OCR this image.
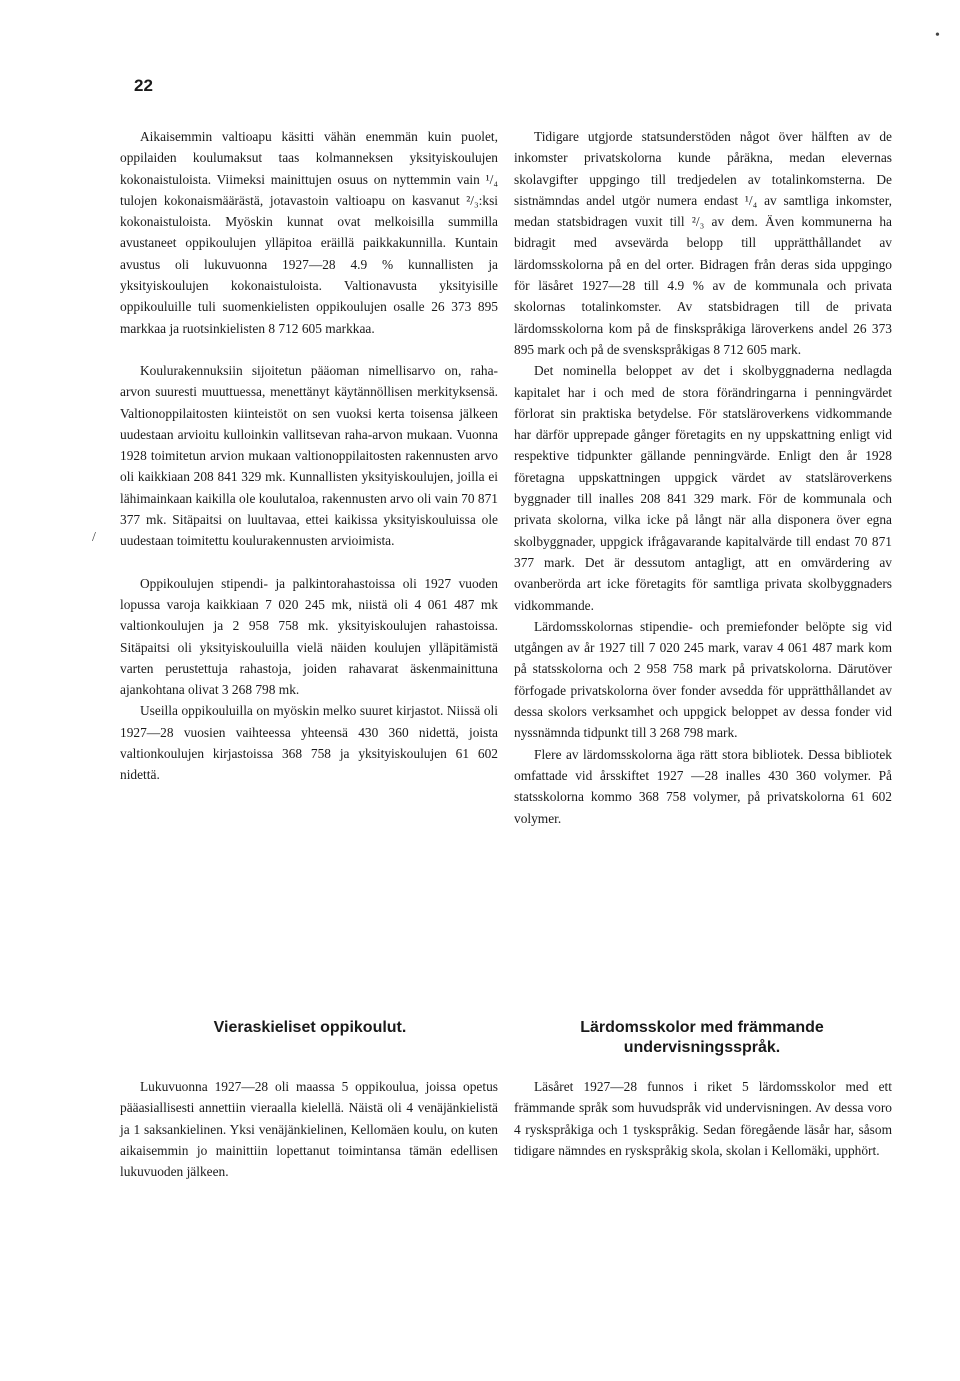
22
•
/

Aikaisemmin valtioapu käsitti vähän enemmän kuin puolet, oppilaiden koulumaksut taas kolmanneksen yksityiskoulujen kokonaistuloista. Viimeksi mainittujen osuus on nyttemmin vain ¹/₄ tulojen kokonaismäärästä, jotavastoin valtioapu on kasvanut ²/₃:ksi kokonaistuloista. Myöskin kunnat ovat melkoisilla summilla avustaneet oppikoulujen ylläpitoa eräillä paikkakunnilla. Kuntain avustus oli lukuvuonna 1927—28 4.9 % kunnallisten ja yksityiskoulujen kokonaistuloista. Valtionavusta yksityisille oppikouluille tuli suomenkielisten oppikoulujen osalle 26 373 895 markkaa ja ruotsinkielisten 8 712 605 markkaa.

Koulurakennuksiin sijoitetun pääoman nimellisarvo on, raha-arvon suuresti muuttuessa, menettänyt käytännöllisen merkityksensä. Valtionoppilaitosten kiinteistöt on sen vuoksi kerta toisensa jälkeen uudestaan arvioitu kulloinkin vallitsevan raha-arvon mukaan. Vuonna 1928 toimitetun arvion mukaan valtionoppilaitosten rakennusten arvo oli kaikkiaan 208 841 329 mk. Kunnallisten yksityiskoulujen, joilla ei lähimainkaan kaikilla ole koulutaloa, rakennusten arvo oli vain 70 871 377 mk. Sitäpaitsi on luultavaa, ettei kaikissa yksityiskouluissa ole uudestaan toimitettu koulurakennusten arvioimista.

Oppikoulujen stipendi- ja palkintorahastoissa oli 1927 vuoden lopussa varoja kaikkiaan 7 020 245 mk, niistä oli 4 061 487 mk valtionkoulujen ja 2 958 758 mk. yksityiskoulujen rahastoissa. Sitäpaitsi oli yksityiskouluilla vielä näiden koulujen ylläpitämistä varten perustettuja rahastoja, joiden rahavarat äskenmainittuna ajankohtana olivat 3 268 798 mk.

Useilla oppikouluilla on myöskin melko suuret kirjastot. Niissä oli 1927—28 vuosien vaihteessa yhteensä 430 360 nidettä, joista valtionkoulujen kirjastoissa 368 758 ja yksityiskoulujen 61 602 nidettä.

Tidigare utgjorde statsunderstöden något över hälften av de inkomster privatskolorna kunde påräkna, medan elevernas skolavgifter uppgingo till tredjedelen av totalinkomsterna. De sistnämndas andel utgör numera endast ¹/₄ av samtliga inkomster, medan statsbidragen vuxit till ²/₃ av dem. Även kommunerna ha bidragit med avsevärda belopp till upprätthållandet av lärdomsskolorna på en del orter. Bidragen från deras sida uppgingo för läsåret 1927—28 till 4.9 % av de kommunala och privata skolornas totalinkomster. Av statsbidragen till de privata lärdomsskolorna kom på de finskspråkiga läroverkens andel 26 373 895 mark och på de svenskspråkigas 8 712 605 mark.

Det nominella beloppet av det i skolbyggnaderna nedlagda kapitalet har i och med de stora förändringarna i penningvärdet förlorat sin praktiska betydelse. För statsläroverkens vidkommande har därför upprepade gånger företagits en ny uppskattning enligt vid respektive tidpunkter gällande penningvärde. Enligt den år 1928 företagna uppskattningen uppgick värdet av statsläroverkens byggnader till inalles 208 841 329 mark. För de kommunala och privata skolorna, vilka icke på långt när alla disponera över egna skolbyggnader, uppgick ifrågavarande kapitalvärde till endast 70 871 377 mark. Det är dessutom antagligt, att en omvärdering av ovanberörda art icke företagits för samtliga privata skolbyggnaders vidkommande.

Lärdomsskolornas stipendie- och premiefonder belöpte sig vid utgången av år 1927 till 7 020 245 mark, varav 4 061 487 mark kom på statsskolorna och 2 958 758 mark på privatskolorna. Därutöver förfogade privatskolorna över fonder avsedda för upprätthållandet av dessa skolors verksamhet och uppgick beloppet av dessa fonder vid nyssnämnda tidpunkt till 3 268 798 mark.

Flere av lärdomsskolorna äga rätt stora bibliotek. Dessa bibliotek omfattade vid årsskiftet 1927 —28 inalles 430 360 volymer. På statsskolorna kommo 368 758 volymer, på privatskolorna 61 602 volymer.

Vieraskieliset oppikoulut.	Lärdomsskolor med främmande undervisningsspråk.

Lukuvuonna 1927—28 oli maassa 5 oppikoulua, joissa opetus pääasiallisesti annettiin vieraalla kielellä. Näistä oli 4 venäjänkielistä ja 1 saksankielinen. Yksi venäjänkielinen, Kellomäen koulu, on kuten aikaisemmin jo mainittiin lopettanut toimintansa tämän edellisen lukuvuoden jälkeen.

Läsåret 1927—28 funnos i riket 5 lärdomsskolor med ett främmande språk som huvudspråk vid undervisningen. Av dessa voro 4 ryskspråkiga och 1 tyskspråkig. Sedan föregående läsår har, såsom tidigare nämndes en ryskspråkig skola, skolan i Kellomäki, upphört.
